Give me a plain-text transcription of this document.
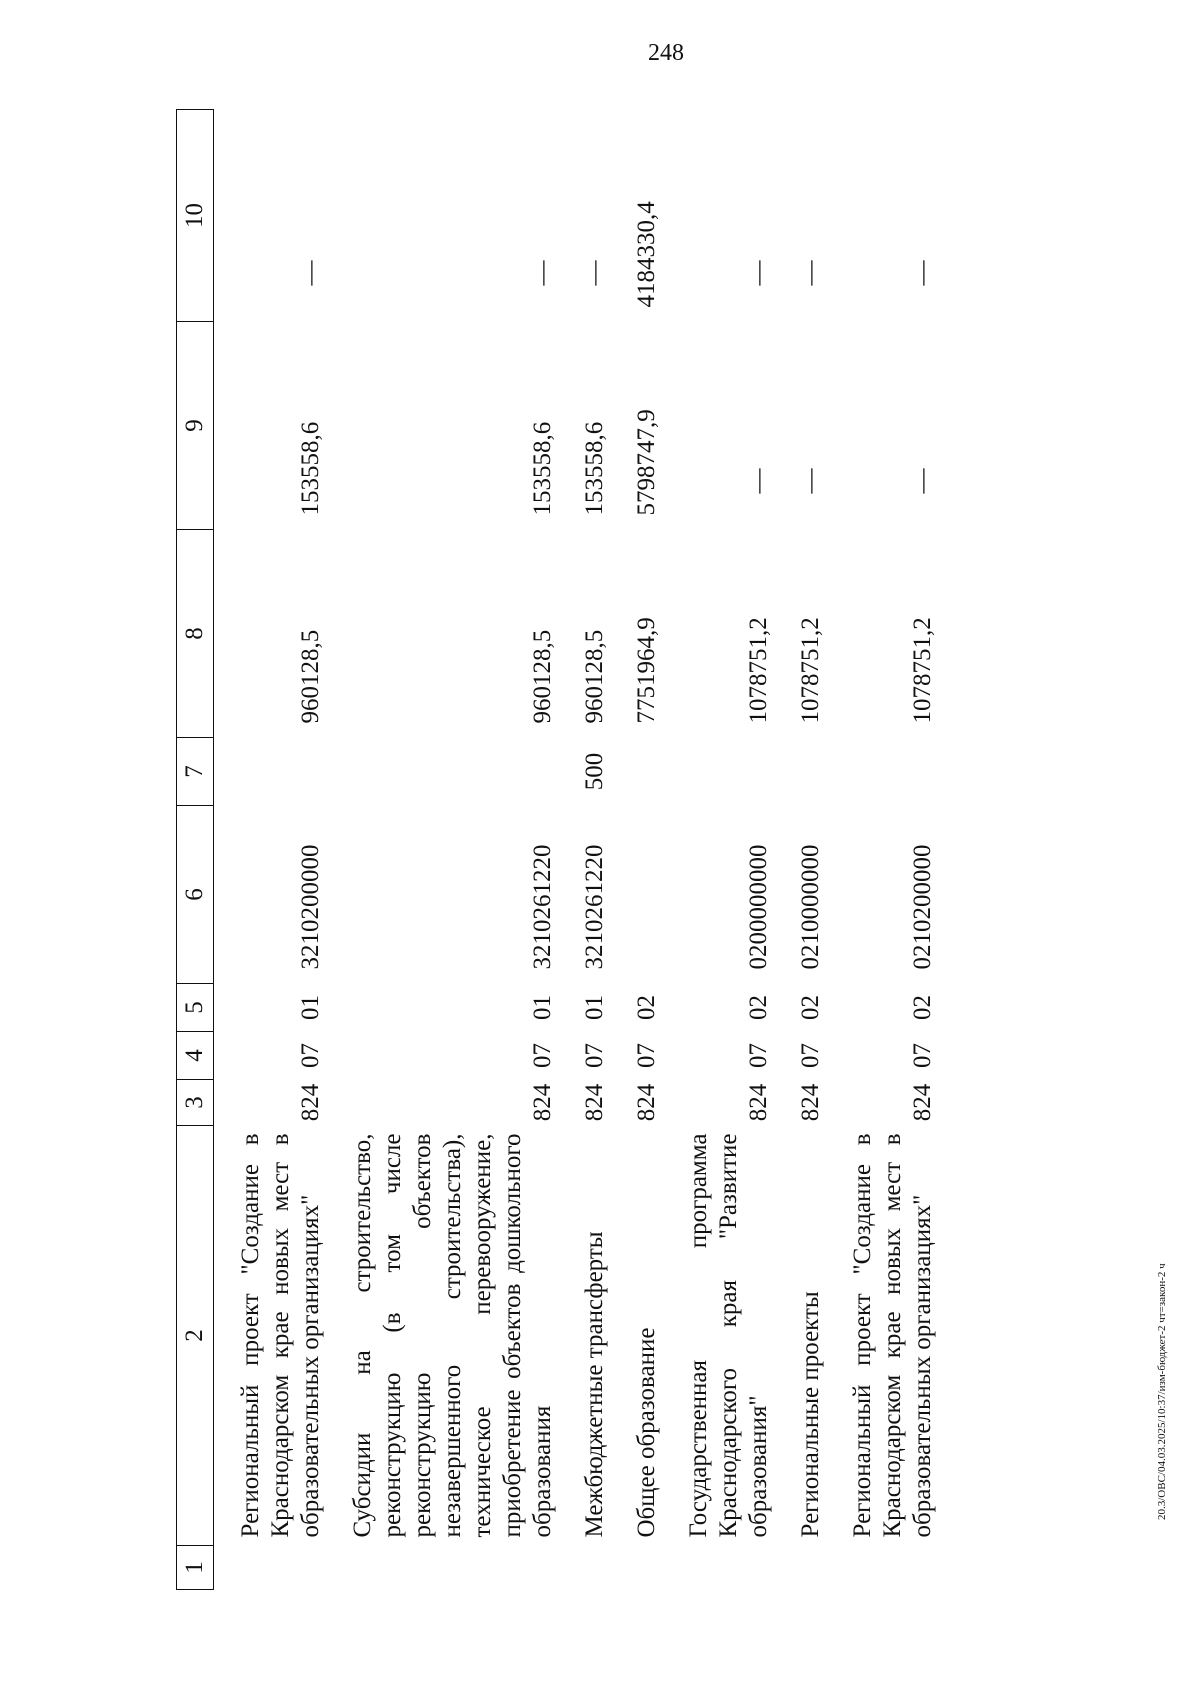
248
20.3/ОВС/04.03.2025/10:37/изм-бюджет-2 чт=закон-2 ч
1	2	3	4	5	6	7	8	9	10
	Региональный проект "Создание в Краснодарском крае новых мест в образовательных организациях"	824	07	01	3210200000		960128,5	153558,6	—
	Субсидии на строительство, реконструкцию (в том числе реконструкцию объектов незавершенного строительства), техническое перевооружение, приобретение объектов дошкольного образования	824	07	01	3210261220		960128,5	153558,6	—
	Межбюджетные трансферты	824	07	01	3210261220	500	960128,5	153558,6	—
	Общее образование	824	07	02			7751964,9	5798747,9	4184330,4
	Государственная программа Краснодарского края "Развитие образования"	824	07	02	0200000000		1078751,2	—	—
	Региональные проекты	824	07	02	0210000000		1078751,2	—	—
	Региональный проект "Создание в Краснодарском крае новых мест в образовательных организациях"	824	07	02	0210200000		1078751,2	—	—
